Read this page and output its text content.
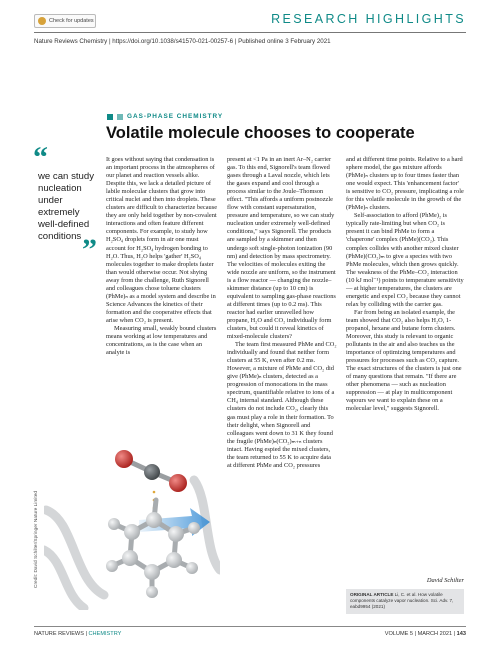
Check for updates	RESEARCH HIGHLIGHTS
Nature Reviews Chemistry | https://doi.org/10.1038/s41570-021-00257-6 | Published online 3 February 2021
GAS-PHASE CHEMISTRY
Volatile molecule chooses to cooperate
“
we can study nucleation under extremely well-defined conditions ”

It goes without saying that condensation is an important process in the atmospheres of our planet and reaction vessels alike. Despite this, we lack a detailed picture of labile molecular clusters that grow into critical nuclei and then into droplets. These clusters are difficult to characterize because they are only held together by non-covalent interactions and often feature different components. For example, to study how H₂SO₄ droplets form in air one must account for H₂SO₄ hydrogen bonding to H₂O. Thus, H₂O helps 'gather' H₂SO₄ molecules together to make droplets faster than would otherwise occur. Not shying away from the challenge, Ruth Signorell and colleagues chose toluene clusters (PhMe)ₙ as a model system and describe in Science Advances the kinetics of their formation and the cooperative effects that arise when CO₂ is present.

Measuring small, weakly bound clusters means working at low temperatures and concentrations, as is the case when an analyte is

present at <1 Pa in an inert Ar–N₂ carrier gas. To this end, Signorell's team flowed gases through a Laval nozzle, which lets the gases expand and cool through a process similar to the Joule–Thomson effect. "This affords a uniform postnozzle flow with constant supersaturation, pressure and temperature, so we can study nucleation under extremely well-defined conditions," says Signorell. The products are sampled by a skimmer and then undergo soft single-photon ionization (90 nm) and detection by mass spectrometry. The velocities of molecules exiting the wide nozzle are uniform, so the instrument is a flow reactor — changing the nozzle–skimmer distance (up to 10 cm) is equivalent to sampling gas-phase reactions at different times (up to 0.2 ms). This reactor had earlier unravelled how propane, H₂O and CO₂ individually form clusters, but could it reveal kinetics of mixed-molecule clusters?

The team first measured PhMe and CO₂ individually and found that neither form clusters at 55 K, even after 0.2 ms. However, a mixture of PhMe and CO₂ did give (PhMe)ₙ clusters, detected as a progression of monocations in the mass spectrum, quantifiable relative to ions of a CH₄ internal standard. Although these clusters do not include CO₂, clearly this gas must play a role in their formation. To their delight, when Signorell and colleagues went down to 31 K they found the fragile (PhMe)ₙ(CO₂)ₘ₊ₙ clusters intact. Having espied the mixed clusters, the team returned to 55 K to acquire data at different PhMe and CO₂ pressures

and at different time points. Relative to a hard sphere model, the gas mixture affords (PhMe)ₙ clusters up to four times faster than one would expect. This 'enhancement factor' is sensitive to CO₂ pressure, implicating a role for this volatile molecule in the growth of the (PhMe)ₙ clusters.

Self-association to afford (PhMe)₂ is typically rate-limiting but when CO₂ is present it can bind PhMe to form a 'chaperone' complex (PhMe)(CO₂). This complex collides with another mixed cluster (PhMe)(CO₂)ₘ to give a species with two PhMe molecules, which then grows quickly. The weakness of the PhMe–CO₂ interaction (10 kJ mol⁻¹) points to temperature sensitivity — at higher temperatures, the clusters are energetic and expel CO₂ because they cannot relax by colliding with the carrier gas.

Far from being an isolated example, the team showed that CO₂ also helps H₂O, 1-propanol, hexane and butane form clusters. Moreover, this study is relevant to organic pollutants in the air and also teaches us the importance of optimizing temperatures and pressures for processes such as CO₂ capture. The exact structures of the clusters is just one of many questions that remain. "If there are other phenomena — such as nucleation suppression — at play in multicomponent vapours we want to explain these on a molecular level," suggests Signorell.

Credit: David Schilter/Springer Nature Limited	David Schilter
ORIGINAL ARTICLE Li, C. et al. How volatile components catalyze vapor nucleation. Sci. Adv. 7, eabd9954 (2021)
NATURE REVIEWS | CHEMISTRY	VOLUME 5 | MARCH 2021 | 143
